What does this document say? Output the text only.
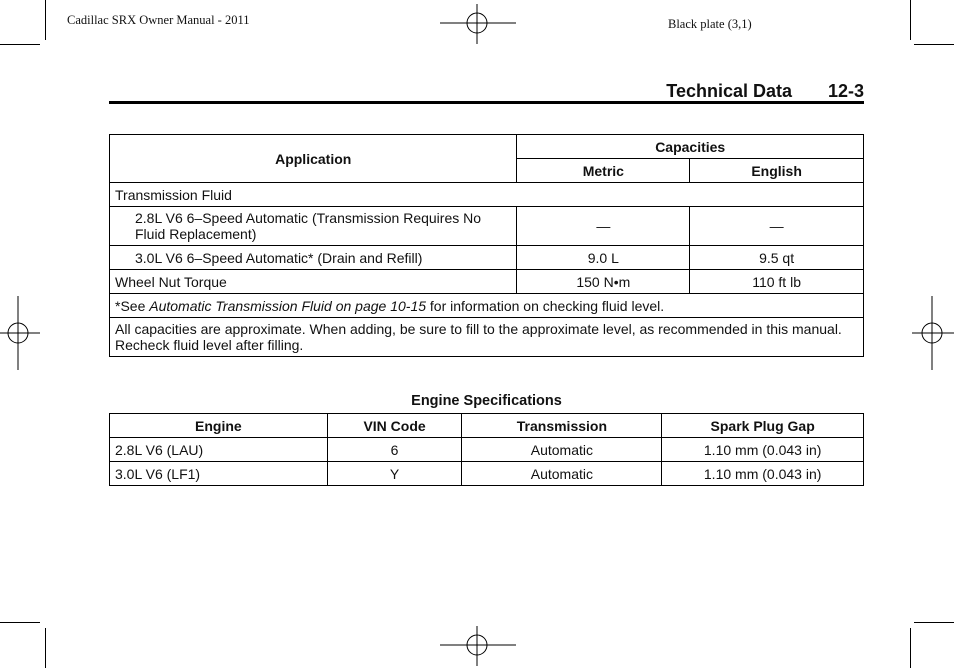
Cadillac SRX Owner Manual - 2011	Black plate (3,1)
Technical Data 12-3
Application	Capacities	
	Metric	English
Transmission Fluid		
2.8L V6 6–Speed Automatic (Transmission Requires No Fluid Replacement)	—	—
3.0L V6 6–Speed Automatic* (Drain and Refill)	9.0 L	9.5 qt
Wheel Nut Torque	150 N•m	110 ft lb
*See Automatic Transmission Fluid on page 10-15 for information on checking fluid level.		
All capacities are approximate. When adding, be sure to fill to the approximate level, as recommended in this manual. Recheck fluid level after filling.		
Engine Specifications
Engine	VIN Code	Transmission	Spark Plug Gap
2.8L V6 (LAU)	6	Automatic	1.10 mm (0.043 in)
3.0L V6 (LF1)	Y	Automatic	1.10 mm (0.043 in)
